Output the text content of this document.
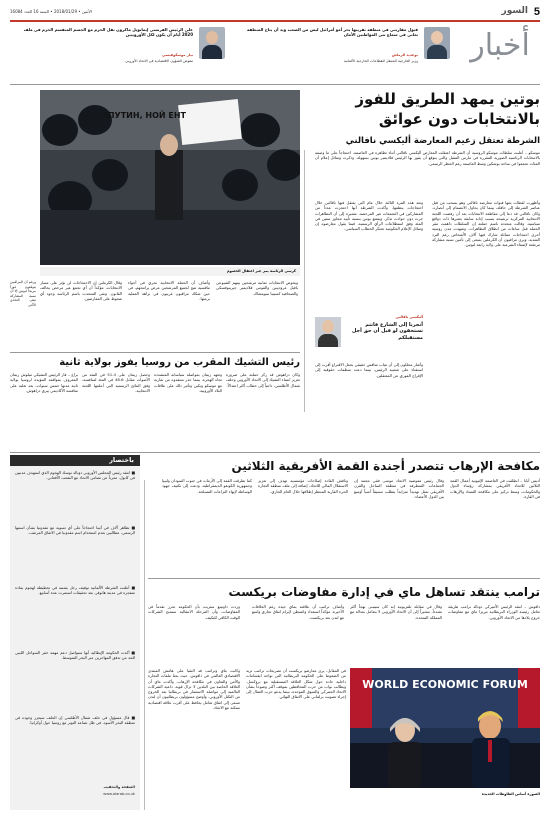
5
السور
الأثنين • 2018/01/29 • السنة 16 العدد 16084
قبول مقاربتي في منطقة تقريبها بحر أمو أمرائيل ليس من الصعب وبد أن يتاح المنطقة تعاني في سماع نتي المواطنين الأمان
بوعديد الرماش
وزير الخارجية المنتقل للقطاعات الخارجية الألمانية
على الرئيس الفرنسي إيمانويل ماكرون نقل الحزم مع الجسم المنقسم الحزم في ملف 2020 أيام أن يكون لكل الأوروبيين
بيار موسكوفيسي
مفوض الشؤون الاقتصادية في الاتحاد الأوروبي	أخبار
بوتين يمهد الطريق للفوز
بالانتخابات دون عوائق
الشرطة تعتقل زعيم المعارضة أليكسي نافالني
ПУТИН, НОЙ ЕНТ!
كرسي الرئاسة يمر عبر اعتقال الخصوم
موسكو – أعلنت سلطات موسكو الروسية أن الشرطة اعتقلت المعارض أليكسي نافالني أثناء تظاهرة في العاصمة، احتجاجاً على ما وصفه بالانتخابات الرئاسية الصورية المقررة في مارس المقبل والتي يتوقع أن يفوز بها الرئيس فلاديمير بوتين بسهولة. وذكرت وسائل إعلام أن المئات تجمعوا في ساحة بوشكين وسط العاصمة رغم الحظر الرسمي.
وأظهرت لقطات بثتها قنوات معارضة نافالني وهو يسحب من قبل عناصر الشرطة إلى حافلة، بينما كان يحاول الانضمام إلى أنصاره. وكان نافالني قد دعا إلى مقاطعة الانتخابات بعد أن رفضت اللجنة الانتخابية المركزية ترشيحه بسبب إدانة سابقة يعتبرها ذات دوافع سياسية. وقالت متحدثة باسم حملته إن السلطات داهمت مقر الحملة قبل ساعات من انطلاق التظاهرات. وشهدت مدن روسية أخرى احتجاجات مماثلة شارك فيها آلاف الأشخاص رغم البرد الشديد. ويرى مراقبون أن الكرملين يسعى إلى تأمين نسبة مشاركة مرتفعة لإضفاء الشرعية على ولاية رابعة لبوتين.
وتعد هذه المرة الثالثة خلال عام التي يعتقل فيها نافالني خلال احتجاجات ينظمها. وأكدت الشرطة أنها احتجزت عدداً من المشاركين في التجمعات غير المرخصة، مشيرة إلى أن التظاهرات جرت دون حوادث تذكر. ويتمتع بوتين بنسبة تأييد تتجاوز ستين في المئة وفق استطلاعات الرأي الرسمية، فيما يقول معارضوه إن وسائل الإعلام الحكومية تحتكر الخطاب السياسي.
أليكسي نافالني
أنجرنا إلى الشارع فاتتم تستحقون لو قبل أن حق أجل مستقبلكم
وأشار محللون إلى أن غياب منافس حقيقي يجعل الاقتراع أقرب إلى استفتاء على شعبية الرئيس، بينما دعت منظمات حقوقية إلى الإفراج الفوري عن المعتقلين.
وقال الكرملين إن الاحتجاجات لن تؤثر على مسار الانتخابات، مؤكداً أن أي تجمع غير مرخص يخالف القانون. ونفى المتحدث باسم الرئاسة وجود أي ضغوط على المعارضين.
وأضاف أن الحملة الانتخابية تجري في أجواء تنافسية تتيح لجميع المرشحين عرض برامجهم، في حين شكك مراقبون غربيون في نزاهة العملية برمتها.
ويخوض الانتخابات ثمانية مرشحين بينهم الشيوعي بافيل غرودينين والقومي فلاديمير جيرينوفسكي والصحافية كسينيا سوبتشاك.
ورغم أن المراقبين يتوقعون فوزاً مريحاً لبوتين إلا أن نسبة المشاركة تبقى التحدي الأكبر.
رئيس التشيك المقرب من روسيا يفوز بولاية ثانية
براغ – فاز الرئيس التشيكي ميلوش زيمان المعروف بمواقفه المؤيدة لروسيا بولاية ثانية مدتها خمس سنوات، بعد تغلبه على منافسه الأكاديمي ييري دراهوش.
وحصل زيمان على 51.4 في المئة من الأصوات مقابل 48.6 في المئة لمنافسه، وفق النتائج الرسمية التي أعلنتها اللجنة الانتخابية.
وتعهد زيمان بمواصلة سياساته المتشددة تجاه الهجرة، بينما حذر منتقدوه من تقاربه مع موسكو وبكين وتأثير ذلك على علاقات البلاد الأوروبية.
وكان دراهوش قد ركز حملته على ضرورة تعزيز انتماء التشيك إلى الاتحاد الأوروبي وحلف شمال الأطلسي، داعياً إلى خطاب أكثر اعتدالاً.
مكافحة الإرهاب تتصدر أجندة القمة الأفريقية الثلاثين
أديس أبابا – انطلقت في العاصمة الإثيوبية أعمال القمة الثلاثين للاتحاد الأفريقي بمشاركة رؤساء الدول والحكومات، وسط تركيز على مكافحة الفساد والإرهاب في القارة.
وقال رئيس مفوضية الاتحاد موسى فقي محمد إن الجماعات المتطرفة في منطقة الساحل والقرن الأفريقي تمثل تهديداً متزايداً يتطلب تنسيقاً أمنياً أوسع بين الدول الأعضاء.
وناقش القادة إصلاحات مؤسسية تهدف إلى تعزيز الاستقلال المالي للاتحاد، إضافة إلى ملف منطقة التجارة الحرة القارية المنتظر إطلاقها خلال العام الجاري.
كما تطرقت القمة إلى الأزمات في جنوب السودان وليبيا وجمهورية الكونغو الديمقراطية، ودعت إلى تكثيف جهود الوساطة لإنهاء النزاعات المسلحة.
باختصار
■ انتقد رئيس المجلس الأوروبي دونالد توسك الهجوم الذي استهدف مدنيين في كابول، معرباً عن تضامن الاتحاد مع الشعب الأفغاني.
■ تظاهر آلاف في أثينا احتجاجاً على أي تسوية مع مقدونيا بشأن اسمها الرسمي، مطالبين بعدم استخدام اسم مقدونيا في الاتفاق المرتقب.
■ أعلنت الشرطة الألمانية توقيف رجل يشتبه في تخطيطه لهجوم بمادة متفجرة في مدينة هانوفر، بعد تحقيقات استمرت عدة أسابيع.
■ أكدت الحكومة الإيطالية أنها ستواصل دعم مهمة خفر السواحل الليبي للحد من تدفق المهاجرين عبر البحر المتوسط.
■ قال مسؤول في حلف شمال الأطلسي إن الحلف سيعزز وجوده في منطقة البحر الأسود، في ظل تصاعد التوتر مع روسيا حول أوكرانيا.
الصفحة والتحقيب
www.alarab.co.uk
ترامب ينتقد تساهل ماي في إدارة مفاوضات بريكست
دافوس – انتقد الرئيس الأميركي دونالد ترامب طريقة تعامل رئيسة الوزراء البريطانية تيريزا ماي مع مفاوضات خروج بلادها من الاتحاد الأوروبي.
وقال في مقابلة تلفزيونية إنه كان سيتبنى نهجاً أكثر تشدداً، مشيراً إلى أن الاتحاد الأوروبي لا يتعامل بعدالة مع المملكة المتحدة.
وأضاف ترامب أن علاقته بماي جيدة رغم الخلافات الأخيرة، مؤكداً استعداد واشنطن لإبرام اتفاق تجاري واسع مع لندن بعد بريكست.
وردت داونينغ ستريت بأن الحكومة تحرز تقدماً في المفاوضات، وأن المرحلة الانتقالية ستمنح الشركات الوقت الكافي للتكيف.
WORLD ECONOMIC FORUM
الصورة أساس الطاوطات الجديدة
وكانت ماي وترامب قد التقيا على هامش المنتدى الاقتصادي العالمي في دافوس، حيث بحثا ملفات التجارة والأمن والتعاون في مكافحة الإرهاب. وأكدت ماي أن العلاقة الخاصة بين البلدين لا تزال قوية، داعية الشركات العالمية إلى مواصلة الاستثمار في بريطانيا بعد الخروج من التكتل الأوروبي. وأوضح مسؤولون بريطانيون أن لندن تسعى إلى اتفاق شامل يحافظ على أقرب علاقة اقتصادية ممكنة مع الاتحاد.
في المقابل، يرى معارضو بريكست أن تصريحات ترامب تزيد من الضغوط على الحكومة البريطانية التي تواجه انقسامات داخلية حادة حول شكل العلاقة المستقبلية مع بروكسل. ويطالب نواب من حزب المحافظين بموقف أكثر وضوحاً بشأن الاتحاد الجمركي والسوق الموحدة، بينما يدعو حزب العمال إلى إجراء تصويت برلماني على الاتفاق النهائي.
